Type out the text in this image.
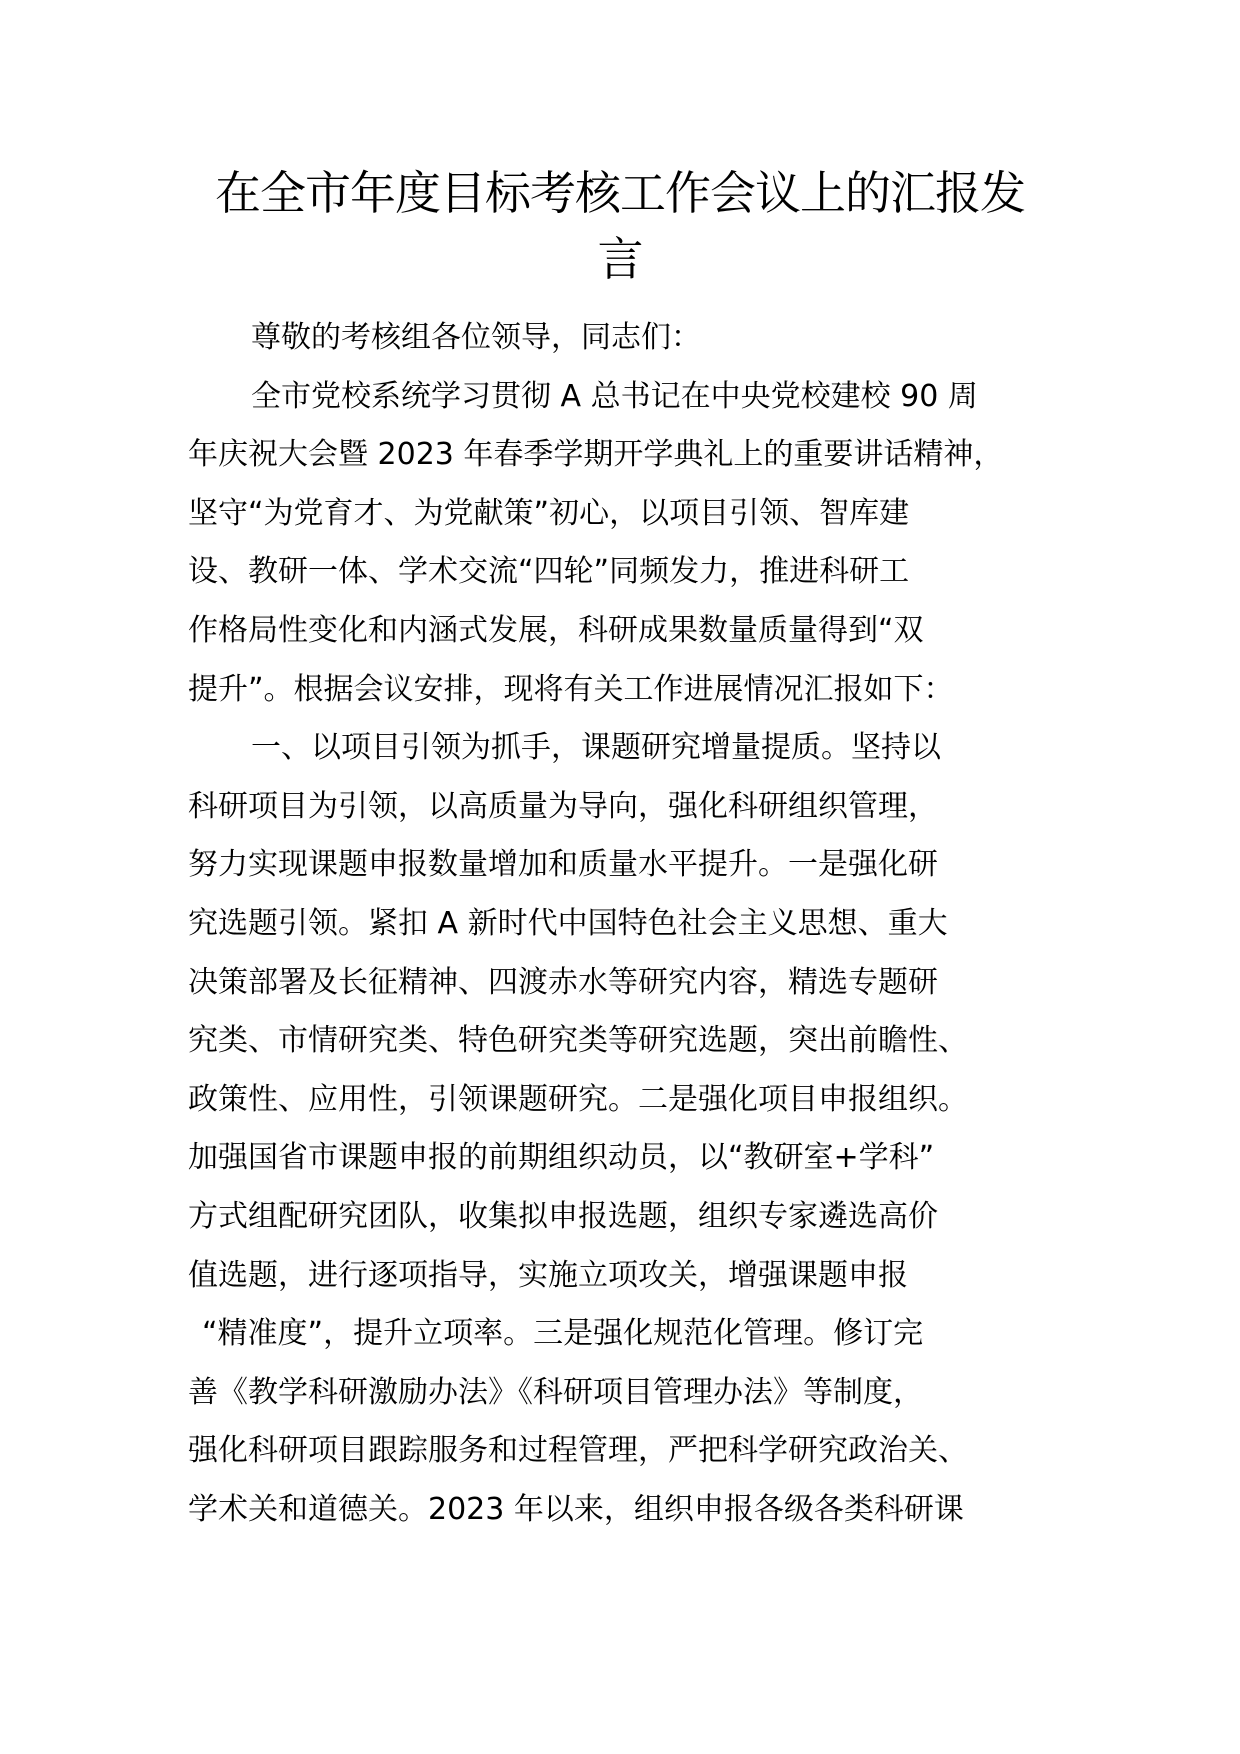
在全市年度目标考核工作会议上的汇报发
言
尊敬的考核组各位领导，同志们：
全市党校系统学习贯彻 A 总书记在中央党校建校 90 周
年庆祝大会暨 2023 年春季学期开学典礼上的重要讲话精神，
坚守“为党育才、为党献策”初心，以项目引领、智库建
设、教研一体、学术交流“四轮”同频发力，推进科研工
作格局性变化和内涵式发展，科研成果数量质量得到“双
提升”。根据会议安排，现将有关工作进展情况汇报如下：
一、以项目引领为抓手，课题研究增量提质。坚持以
科研项目为引领，以高质量为导向，强化科研组织管理，
努力实现课题申报数量增加和质量水平提升。一是强化研
究选题引领。紧扣 A 新时代中国特色社会主义思想、重大
决策部署及长征精神、四渡赤水等研究内容，精选专题研
究类、市情研究类、特色研究类等研究选题，突出前瞻性、
政策性、应用性，引领课题研究。二是强化项目申报组织。
加强国省市课题申报的前期组织动员，以“教研室+学科”
方式组配研究团队，收集拟申报选题，组织专家遴选高价
值选题，进行逐项指导，实施立项攻关，增强课题申报
“精准度”，提升立项率。三是强化规范化管理。修订完
善《教学科研激励办法》《科研项目管理办法》等制度，
强化科研项目跟踪服务和过程管理，严把科学研究政治关、
学术关和道德关。2023 年以来，组织申报各级各类科研课
